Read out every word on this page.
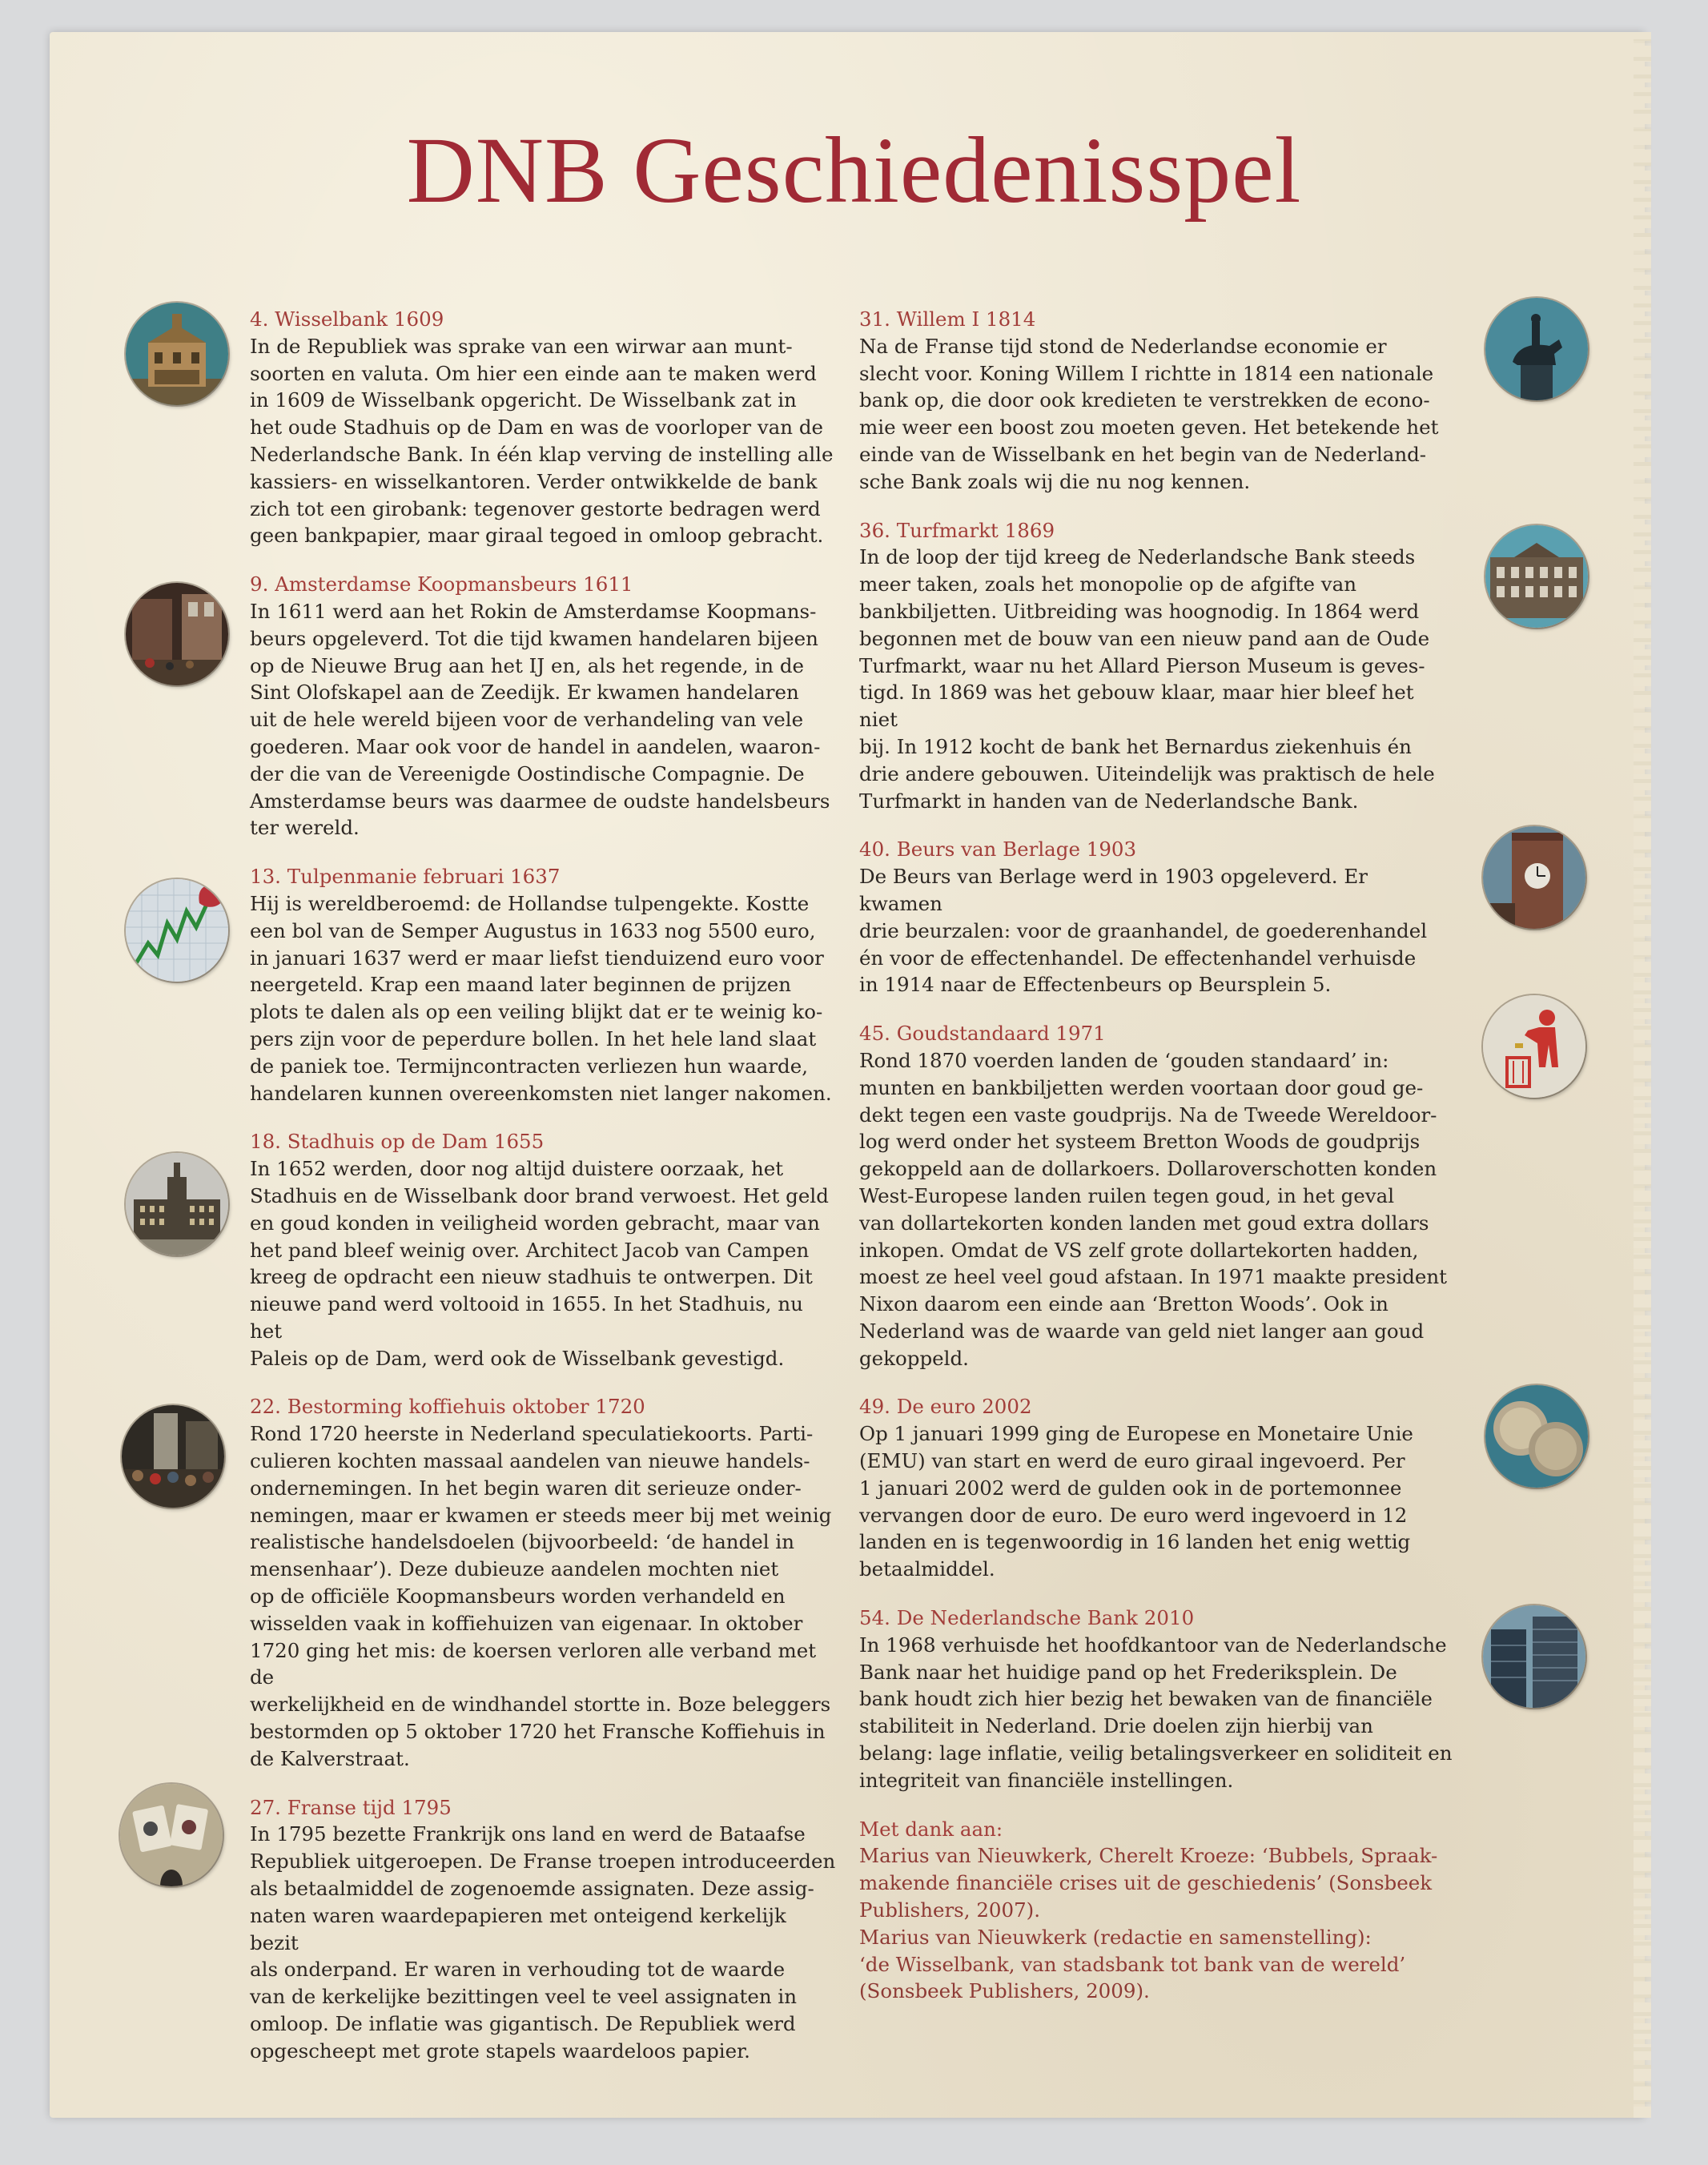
DNB Geschiedenisspel

4. Wisselbank 1609

In de Republiek was sprake van een wirwar aan munt-
soorten en valuta. Om hier een einde aan te maken werd
in 1609 de Wisselbank opgericht. De Wisselbank zat in
het oude Stadhuis op de Dam en was de voorloper van de
Nederlandsche Bank. In één klap verving de instelling alle
kassiers- en wisselkantoren. Verder ontwikkelde de bank
zich tot een girobank: tegenover gestorte bedragen werd
geen bankpapier, maar giraal tegoed in omloop gebracht.

9. Amsterdamse Koopmansbeurs 1611

In 1611 werd aan het Rokin de Amsterdamse Koopmans-
beurs opgeleverd. Tot die tijd kwamen handelaren bijeen
op de Nieuwe Brug aan het IJ en, als het regende, in de
Sint Olofskapel aan de Zeedijk. Er kwamen handelaren
uit de hele wereld bijeen voor de verhandeling van vele
goederen. Maar ook voor de handel in aandelen, waaron-
der die van de Vereenigde Oostindische Compagnie. De
Amsterdamse beurs was daarmee de oudste handelsbeurs
ter wereld.

13. Tulpenmanie februari 1637

Hij is wereldberoemd: de Hollandse tulpengekte. Kostte
een bol van de Semper Augustus in 1633 nog 5500 euro,
in januari 1637 werd er maar liefst tienduizend euro voor
neergeteld. Krap een maand later beginnen de prijzen
plots te dalen als op een veiling blijkt dat er te weinig ko-
pers zijn voor de peperdure bollen. In het hele land slaat
de paniek toe. Termijncontracten verliezen hun waarde,
handelaren kunnen overeenkomsten niet langer nakomen.

18. Stadhuis op de Dam 1655

In 1652 werden, door nog altijd duistere oorzaak, het
Stadhuis en de Wisselbank door brand verwoest. Het geld
en goud konden in veiligheid worden gebracht, maar van
het pand bleef weinig over. Architect Jacob van Campen
kreeg de opdracht een nieuw stadhuis te ontwerpen. Dit
nieuwe pand werd voltooid in 1655. In het Stadhuis, nu het
Paleis op de Dam, werd ook de Wisselbank gevestigd.

22. Bestorming koffiehuis oktober 1720

Rond 1720 heerste in Nederland speculatiekoorts. Parti-
culieren kochten massaal aandelen van nieuwe handels-
ondernemingen. In het begin waren dit serieuze onder-
nemingen, maar er kwamen er steeds meer bij met weinig
realistische handelsdoelen (bijvoorbeeld: ‘de handel in
mensenhaar’). Deze dubieuze aandelen mochten niet
op de officiële Koopmansbeurs worden verhandeld en
wisselden vaak in koffiehuizen van eigenaar. In oktober
1720 ging het mis: de koersen verloren alle verband met de
werkelijkheid en de windhandel stortte in. Boze beleggers
bestormden op 5 oktober 1720 het Fransche Koffiehuis in
de Kalverstraat.

27. Franse tijd 1795

In 1795 bezette Frankrijk ons land en werd de Bataafse
Republiek uitgeroepen. De Franse troepen introduceerden
als betaalmiddel de zogenoemde assignaten. Deze assig-
naten waren waardepapieren met onteigend kerkelijk bezit
als onderpand. Er waren in verhouding tot de waarde
van de kerkelijke bezittingen veel te veel assignaten in
omloop. De inflatie was gigantisch. De Republiek werd
opgescheept met grote stapels waardeloos papier.

31. Willem I 1814

Na de Franse tijd stond de Nederlandse economie er
slecht voor. Koning Willem I richtte in 1814 een nationale
bank op, die door ook kredieten te verstrekken de econo-
mie weer een boost zou moeten geven. Het betekende het
einde van de Wisselbank en het begin van de Nederland-
sche Bank zoals wij die nu nog kennen.

36. Turfmarkt 1869

In de loop der tijd kreeg de Nederlandsche Bank steeds
meer taken, zoals het monopolie op de afgifte van
bankbiljetten. Uitbreiding was hoognodig. In 1864 werd
begonnen met de bouw van een nieuw pand aan de Oude
Turfmarkt, waar nu het Allard Pierson Museum is geves-
tigd. In 1869 was het gebouw klaar, maar hier bleef het niet
bij. In 1912 kocht de bank het Bernardus ziekenhuis én
drie andere gebouwen. Uiteindelijk was praktisch de hele
Turfmarkt in handen van de Nederlandsche Bank.

40. Beurs van Berlage 1903

De Beurs van Berlage werd in 1903 opgeleverd. Er kwamen
drie beurzalen: voor de graanhandel, de goederenhandel
én voor de effectenhandel. De effectenhandel verhuisde
in 1914 naar de Effectenbeurs op Beursplein 5.

45. Goudstandaard 1971

Rond 1870 voerden landen de ‘gouden standaard’ in:
munten en bankbiljetten werden voortaan door goud ge-
dekt tegen een vaste goudprijs. Na de Tweede Wereldoor-
log werd onder het systeem Bretton Woods de goudprijs
gekoppeld aan de dollarkoers. Dollaroverschotten konden
West-Europese landen ruilen tegen goud, in het geval
van dollartekorten konden landen met goud extra dollars
inkopen. Omdat de VS zelf grote dollartekorten hadden,
moest ze heel veel goud afstaan. In 1971 maakte president
Nixon daarom een einde aan ‘Bretton Woods’. Ook in
Nederland was de waarde van geld niet langer aan goud
gekoppeld.

49. De euro 2002

Op 1 januari 1999 ging de Europese en Monetaire Unie
(EMU) van start en werd de euro giraal ingevoerd. Per
1 januari 2002 werd de gulden ook in de portemonnee
vervangen door de euro. De euro werd ingevoerd in 12
landen en is tegenwoordig in 16 landen het enig wettig
betaalmiddel.

54. De Nederlandsche Bank 2010

In 1968 verhuisde het hoofdkantoor van de Nederlandsche
Bank naar het huidige pand op het Frederiksplein. De
bank houdt zich hier bezig het bewaken van de financiële
stabiliteit in Nederland. Drie doelen zijn hierbij van
belang: lage inflatie, veilig betalingsverkeer en soliditeit en
integriteit van financiële instellingen.

Met dank aan:

Marius van Nieuwkerk, Cherelt Kroeze: ‘Bubbels, Spraak-
makende financiële crises uit de geschiedenis’ (Sonsbeek
Publishers, 2007).
Marius van Nieuwkerk (redactie en samenstelling):
‘de Wisselbank, van stadsbank tot bank van de wereld’
(Sonsbeek Publishers, 2009).
